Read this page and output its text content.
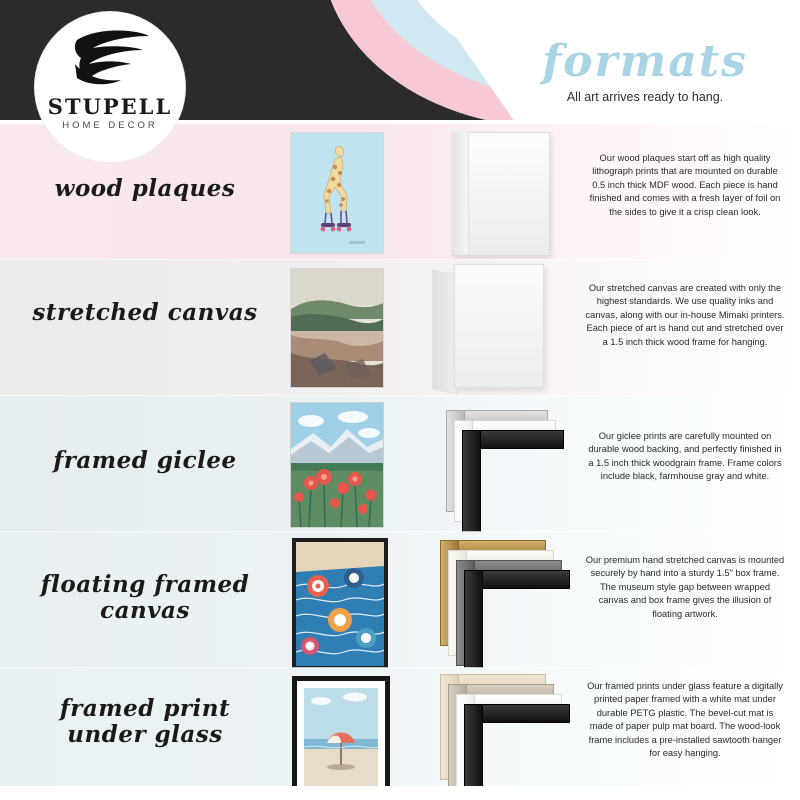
formats
All art arrives ready to hang.
STUPELL
HOME DECOR
wood plaques
Our wood plaques start off as high quality lithograph prints that are mounted on durable 0.5 inch thick MDF wood. Each piece is hand finished and comes with a fresh layer of foil on the sides to give it a crisp clean look.
stretched canvas
Our stretched canvas are created with only the highest standards. We use quality inks and canvas, along with our in-house Mimaki printers. Each piece of art is hand cut and stretched over a 1.5 inch thick wood frame for hanging.
framed giclee
Our giclee prints are carefully mounted on durable wood backing, and perfectly finished in a 1.5 inch thick woodgrain frame. Frame colors include black, farmhouse gray and white.
floating framed canvas
Our premium hand stretched canvas is mounted securely by hand into a sturdy 1.5" box frame. The museum style gap between wrapped canvas and box frame gives the illusion of floating artwork.
framed print under glass
Our framed prints under glass feature a digitally printed paper framed with a white mat under durable PETG plastic. The bevel-cut mat is made of paper pulp mat board. The wood-look frame includes a pre-installed sawtooth hanger for easy hanging.
